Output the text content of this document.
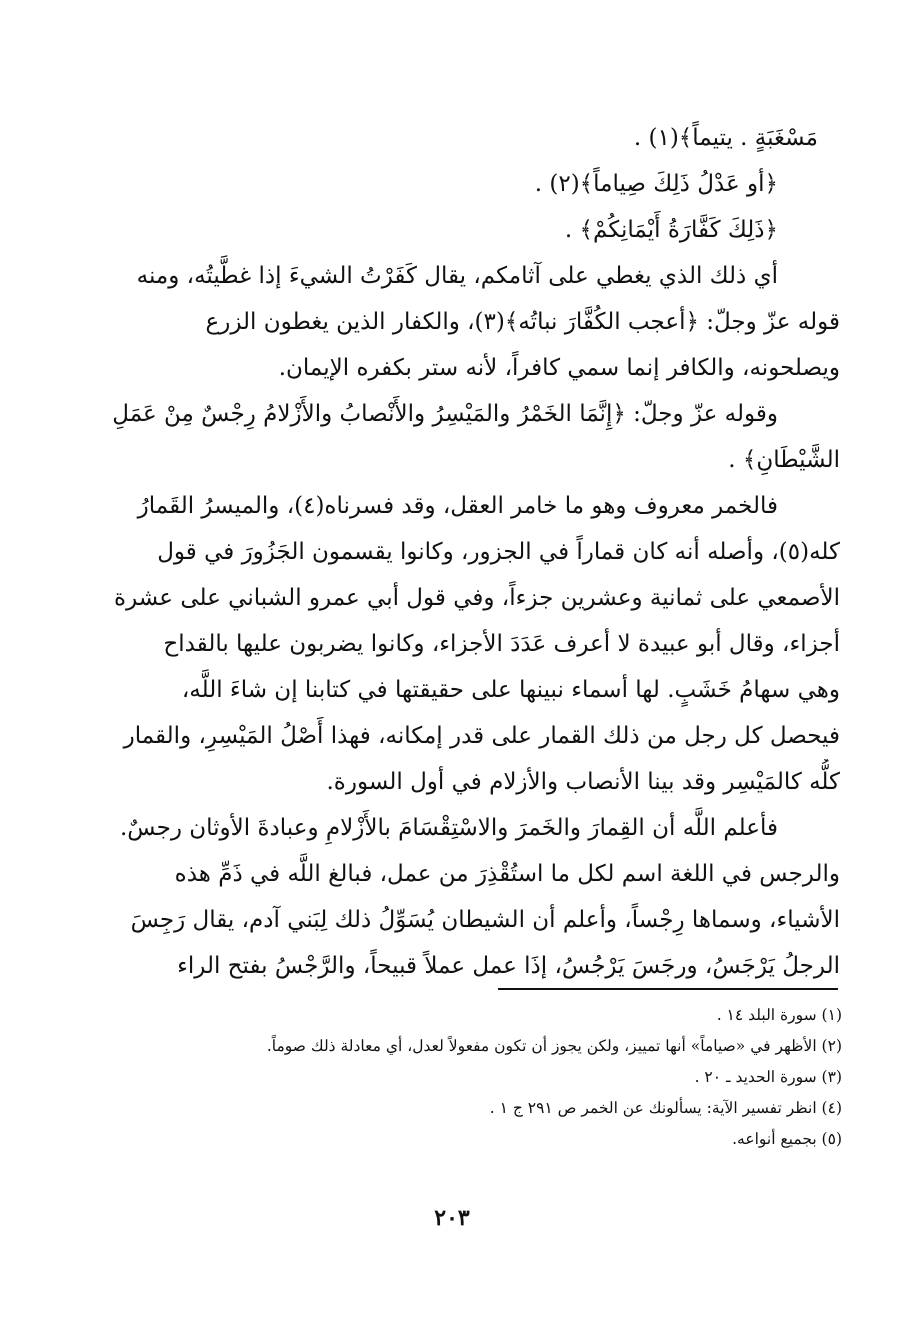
مَسْغَبَةٍ . يتيماً﴾(١) .
﴿أو عَدْلُ ذَلِكَ صِياماً﴾(٢) .
﴿ذَلِكَ كَفَّارَةُ أَيْمَانِكُمْ﴾ .
أي ذلك الذي يغطي على آثامكم، يقال كَفَرْتُ الشيءَ إذا غطَّيتُه، ومنه
قوله عزّ وجلّ: ﴿أعجب الكُفَّارَ نباتُه﴾(٣)، والكفار الذين يغطون الزرع
ويصلحونه، والكافر إنما سمي كافراً، لأنه ستر بكفره الإيمان.
وقوله عزّ وجلّ: ﴿إِنَّمَا الخَمْرُ والمَيْسِرُ والأَنْصابُ والأَزْلامُ رِجْسٌ مِنْ عَمَلِ
الشَّيْطَانِ﴾ .
فالخمر معروف وهو ما خامر العقل، وقد فسرناه(٤)، والميسرُ القَمارُ
كله(٥)، وأصله أنه كان قماراً في الجزور، وكانوا يقسمون الجَزُورَ في قول
الأصمعي على ثمانية وعشرين جزءاً، وفي قول أبي عمرو الشباني على عشرة
أجزاء، وقال أبو عبيدة لا أعرف عَدَدَ الأجزاء، وكانوا يضربون عليها بالقداح
وهي سهامُ خَشَبٍ. لها أسماء نبينها على حقيقتها في كتابنا إن شاءَ اللَّه،
فيحصل كل رجل من ذلك القمار على قدر إمكانه، فهذا أَصْلُ المَيْسِرِ، والقمار
كلُّه كالمَيْسِر وقد بينا الأنصاب والأزلام في أول السورة.
فأعلم اللَّه أن القِمارَ والخَمرَ والاسْتِقْسَامَ بالأَزْلامِ وعبادةَ الأوثان رجسٌ.
والرجس في اللغة اسم لكل ما استُقْذِرَ من عمل، فبالغ اللَّه في ذَمِّ هذه
الأشياء، وسماها رِجْساً، وأعلم أن الشيطان يُسَوِّلُ ذلك لِبَني آدم، يقال رَجِسَ
الرجلُ يَرْجَسُ، ورجَسَ يَرْجُسُ، إذَا عمل عملاً قبيحاً، والرَّجْسُ بفتح الراء
(١) سورة البلد ١٤ .
(٢) الأظهر في «صياماً» أنها تمييز، ولكن يجوز أن تكون مفعولاً لعدل، أي معادلة ذلك صوماً.
(٣) سورة الحديد ـ ٢٠ .
(٤) انظر تفسير الآية: يسألونك عن الخمر ص ٢٩١ ج ١ .
(٥) بجميع أنواعه.
٢٠٣
